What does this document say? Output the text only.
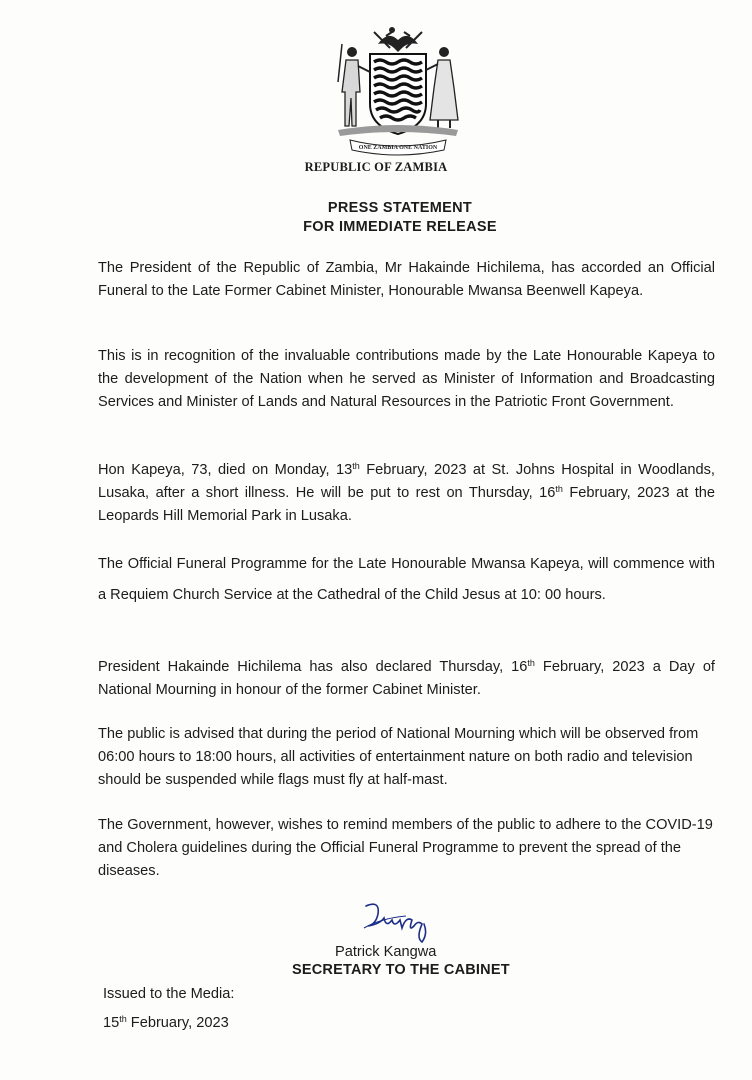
ONE ZAMBIA ONE NATION
REPUBLIC OF ZAMBIA
PRESS STATEMENT
FOR IMMEDIATE RELEASE
The President of the Republic of Zambia, Mr Hakainde Hichilema, has accorded an Official Funeral to the Late Former Cabinet Minister, Honourable Mwansa Beenwell Kapeya.
This is in recognition of the invaluable contributions made by the Late Honourable Kapeya to the development of the Nation when he served as Minister of Information and Broadcasting Services and Minister of Lands and Natural Resources in the Patriotic Front Government.
Hon Kapeya, 73, died on Monday, 13th February, 2023 at St. Johns Hospital in Woodlands, Lusaka, after a short illness. He will be put to rest on Thursday, 16th February, 2023 at the Leopards Hill Memorial Park in Lusaka.
The Official Funeral Programme for the Late Honourable Mwansa Kapeya, will commence with a Requiem Church Service at the Cathedral of the Child Jesus at 10: 00 hours.
President Hakainde Hichilema has also declared Thursday, 16th February, 2023 a Day of National Mourning in honour of the former Cabinet Minister.
The public is advised that during the period of National Mourning which will be observed from 06:00 hours to 18:00 hours, all activities of entertainment nature on both radio and television should be suspended while flags must fly at half-mast.
The Government, however, wishes to remind members of the public to adhere to the COVID-19 and Cholera guidelines during the Official Funeral Programme to prevent the spread of the diseases.
Patrick Kangwa
SECRETARY TO THE CABINET
Issued to the Media:
15th February, 2023
